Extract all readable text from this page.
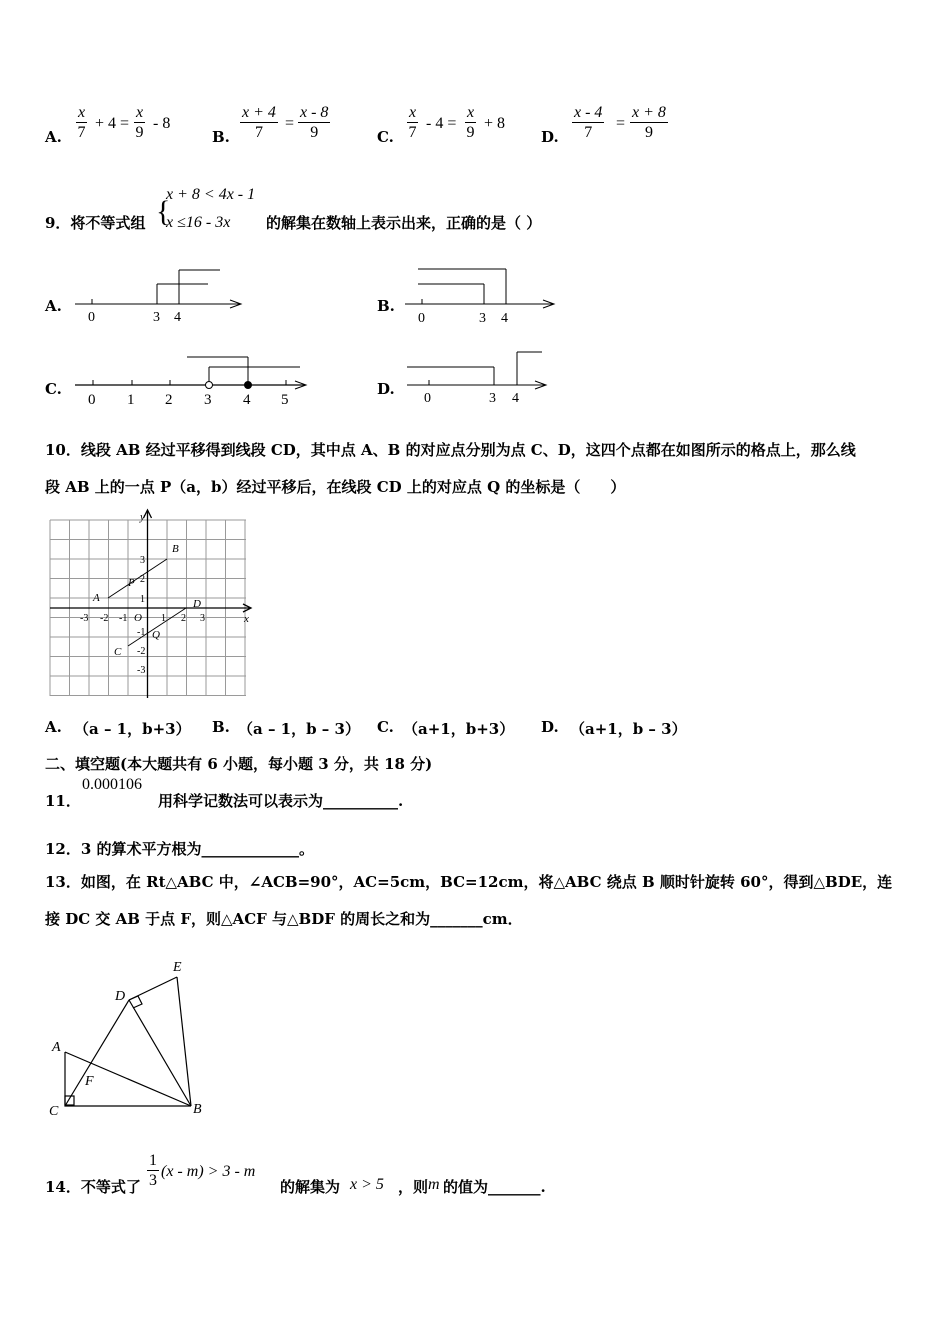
A. $\frac{x}{7} + 4 = \frac{x}{9} - 8$
B. $\frac{x + 4}{7} = \frac{x - 8}{9}$	C. $\frac{x}{7} - 4 = \frac{x}{9} + 8$
D. $\frac{x - 4}{7} = \frac{x + 8}{9}$
9．将不等式组 {
x + 8 < 4x - 1
x ≤16 - 3x 的解集在数轴上表示出来，正确的是（ ）
A.
0	3 4
B.
0	3 4
C.
0 1 2 3 4 5
D.
0	3 4
10．线段 AB 经过平移得到线段 CD，其中点 A、B 的对应点分别为点 C、D，这四个点都在如图所示的格点上，那么线
段 AB 上的一点 P（a，b）经过平移后，在线段 CD 上的对应点 Q 的坐标是（　　）
y
x
O
A
B
P
C
D
Q
-3 -2 -1	1 2 3
3
2
1
-1
-2
-3
A. （a – 1，b+3） B. （a – 1，b – 3） C. （a+1，b+3） D. （a+1，b – 3）
二、填空题(本大题共有 6 小题，每小题 3 分，共 18 分)
11．
0.000106
用科学记数法可以表示为__________.
12．3 的算术平方根为_____________。
13．如图，在 Rt△ABC 中，∠ACB=90°，AC=5cm，BC=12cm，将△ABC 绕点 B 顺时针旋转 60°，得到△BDE，连
接 DC 交 AB 于点 F，则△ACF 与△BDF 的周长之和为_______cm．
E
D
A
F
C	B
14．不等式了 $\frac{1}{3} (x - m) > 3 - m$
的解集为 x > 5 ，则 m 的值为_______.
